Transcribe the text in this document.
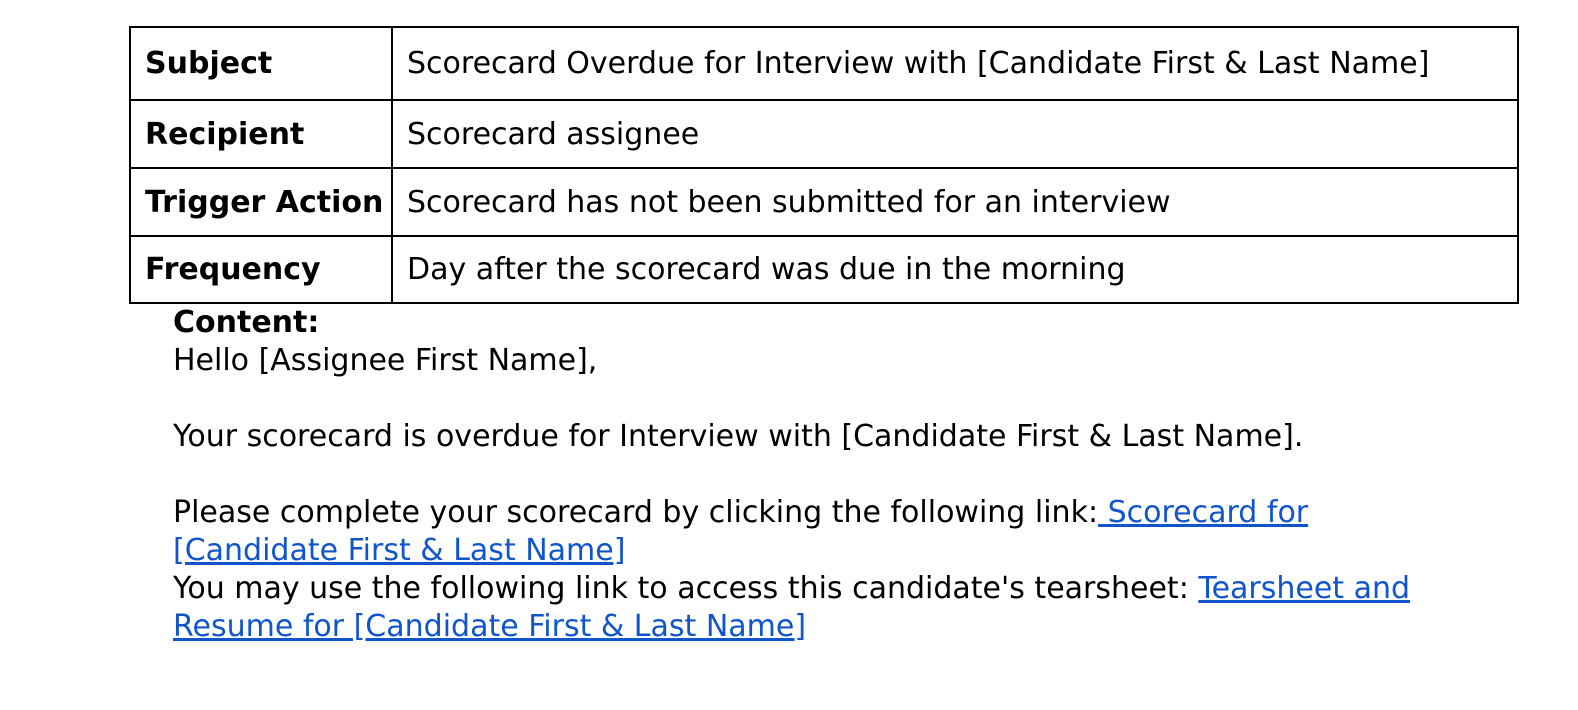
Subject	Scorecard Overdue for Interview with [Candidate First & Last Name]
Recipient	Scorecard assignee
Trigger Action	Scorecard has not been submitted for an interview
Frequency	Day after the scorecard was due in the morning
Content:
Hello [Assignee First Name],
Your scorecard is overdue for Interview with [Candidate First & Last Name].
Please complete your scorecard by clicking the following link: Scorecard for
[Candidate First & Last Name]
You may use the following link to access this candidate's tearsheet: Tearsheet and
Resume for [Candidate First & Last Name]
